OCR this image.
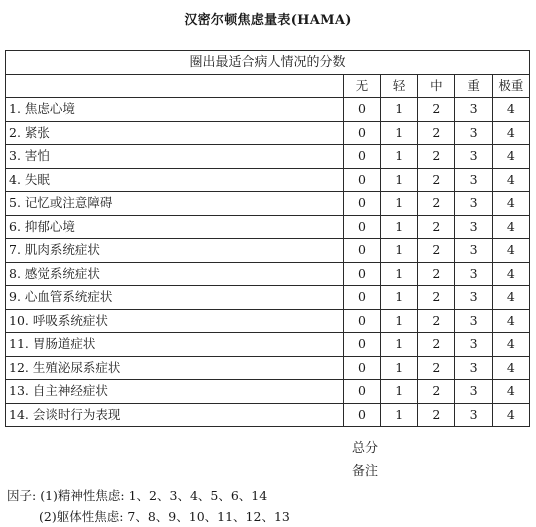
汉密尔顿焦虑量表(HAMA)
圈出最适合病人情况的分数					
	无	轻	中	重	极重
1. 焦虑心境	0	1	2	3	4
2. 紧张	0	1	2	3	4
3. 害怕	0	1	2	3	4
4. 失眠	0	1	2	3	4
5. 记忆或注意障碍	0	1	2	3	4
6. 抑郁心境	0	1	2	3	4
7. 肌肉系统症状	0	1	2	3	4
8. 感觉系统症状	0	1	2	3	4
9. 心血管系统症状	0	1	2	3	4
10. 呼吸系统症状	0	1	2	3	4
11. 胃肠道症状	0	1	2	3	4
12. 生殖泌尿系症状	0	1	2	3	4
13. 自主神经症状	0	1	2	3	4
14. 会谈时行为表现	0	1	2	3	4
总分
备注
因子: (1)精神性焦虑: 1、2、3、4、5、6、14
(2)躯体性焦虑: 7、8、9、10、11、12、13
